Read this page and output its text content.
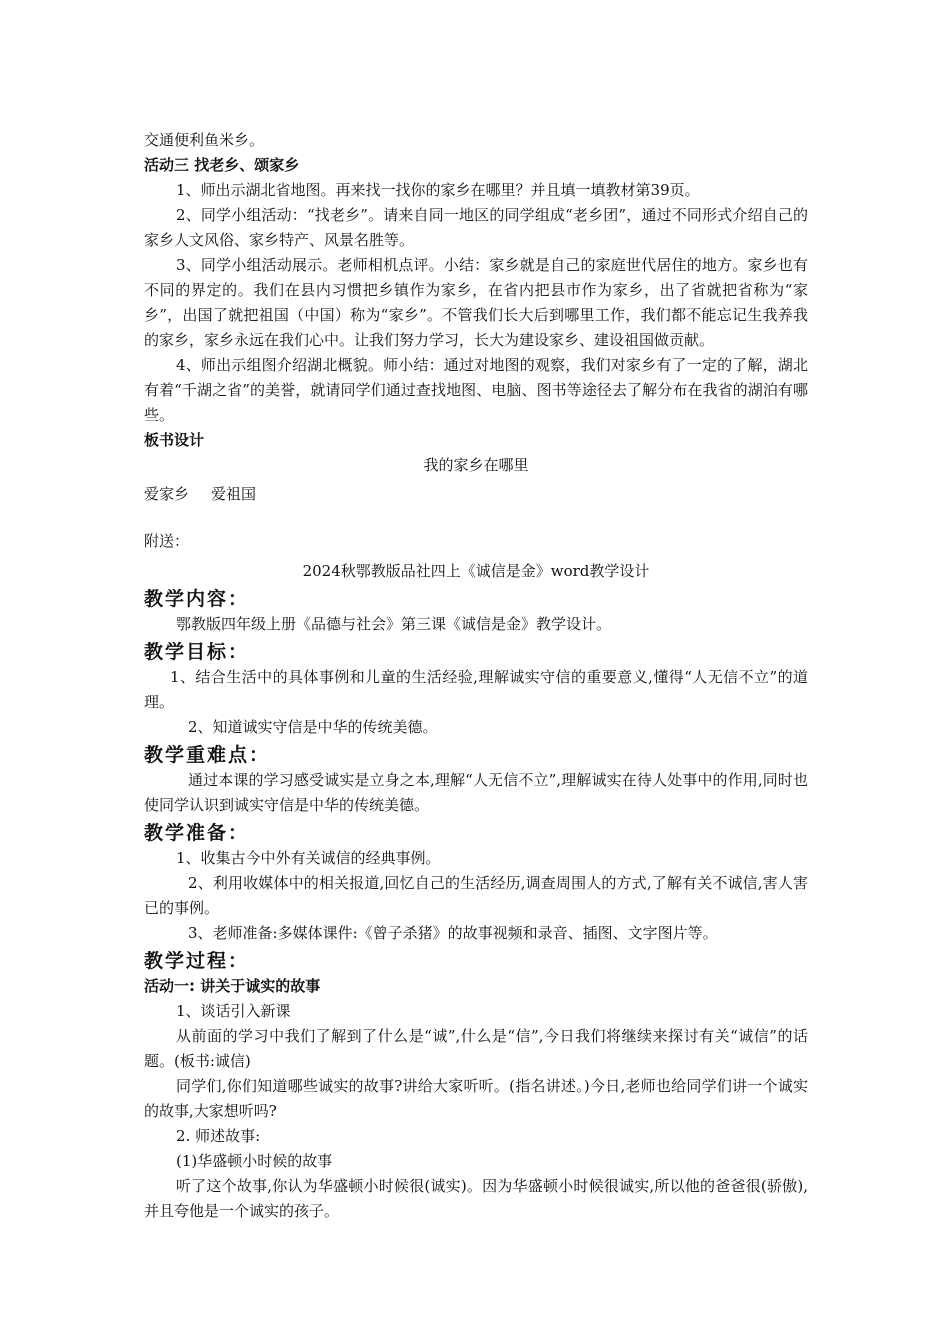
交通便利鱼米乡。

活动三 找老乡、颂家乡

1、师出示湖北省地图。再来找一找你的家乡在哪里？并且填一填教材第39页。

2、同学小组活动：“找老乡”。请来自同一地区的同学组成“老乡团”，通过不同形式介绍自己的家乡人文风俗、家乡特产、风景名胜等。

3、同学小组活动展示。老师相机点评。小结：家乡就是自己的家庭世代居住的地方。家乡也有不同的界定的。我们在县内习惯把乡镇作为家乡，在省内把县市作为家乡，出了省就把省称为“家乡”，出国了就把祖国（中国）称为“家乡”。不管我们长大后到哪里工作，我们都不能忘记生我养我的家乡，家乡永远在我们心中。让我们努力学习，长大为建设家乡、建设祖国做贡献。

4、师出示组图介绍湖北概貌。师小结：通过对地图的观察，我们对家乡有了一定的了解，湖北有着“千湖之省”的美誉，就请同学们通过查找地图、电脑、图书等途径去了解分布在我省的湖泊有哪些。

板书设计

我的家乡在哪里

爱家乡 爱祖国

附送：

2024秋鄂教版品社四上《诚信是金》word教学设计

教学内容：

鄂教版四年级上册《品德与社会》第三课《诚信是金》教学设计。

教学目标：

1、结合生活中的具体事例和儿童的生活经验,理解诚实守信的重要意义,懂得“人无信不立”的道理。

2、知道诚实守信是中华的传统美德。

教学重难点：

通过本课的学习感受诚实是立身之本,理解“人无信不立”,理解诚实在待人处事中的作用,同时也使同学认识到诚实守信是中华的传统美德。

教学准备：

1、收集古今中外有关诚信的经典事例。

2、利用收媒体中的相关报道,回忆自己的生活经历,调查周围人的方式,了解有关不诚信,害人害已的事例。

3、老师准备:多媒体课件:《曾子杀猪》的故事视频和录音、插图、文字图片等。

教学过程：

活动一: 讲关于诚实的故事

1、谈话引入新课

从前面的学习中我们了解到了什么是“诚”,什么是“信”,今日我们将继续来探讨有关“诚信”的话题。(板书:诚信)

同学们,你们知道哪些诚实的故事?讲给大家听听。(指名讲述。)今日,老师也给同学们讲一个诚实的故事,大家想听吗?

2. 师述故事:

(1)华盛顿小时候的故事

听了这个故事,你认为华盛顿小时候很(诚实)。因为华盛顿小时候很诚实,所以他的爸爸很(骄傲),并且夸他是一个诚实的孩子。
